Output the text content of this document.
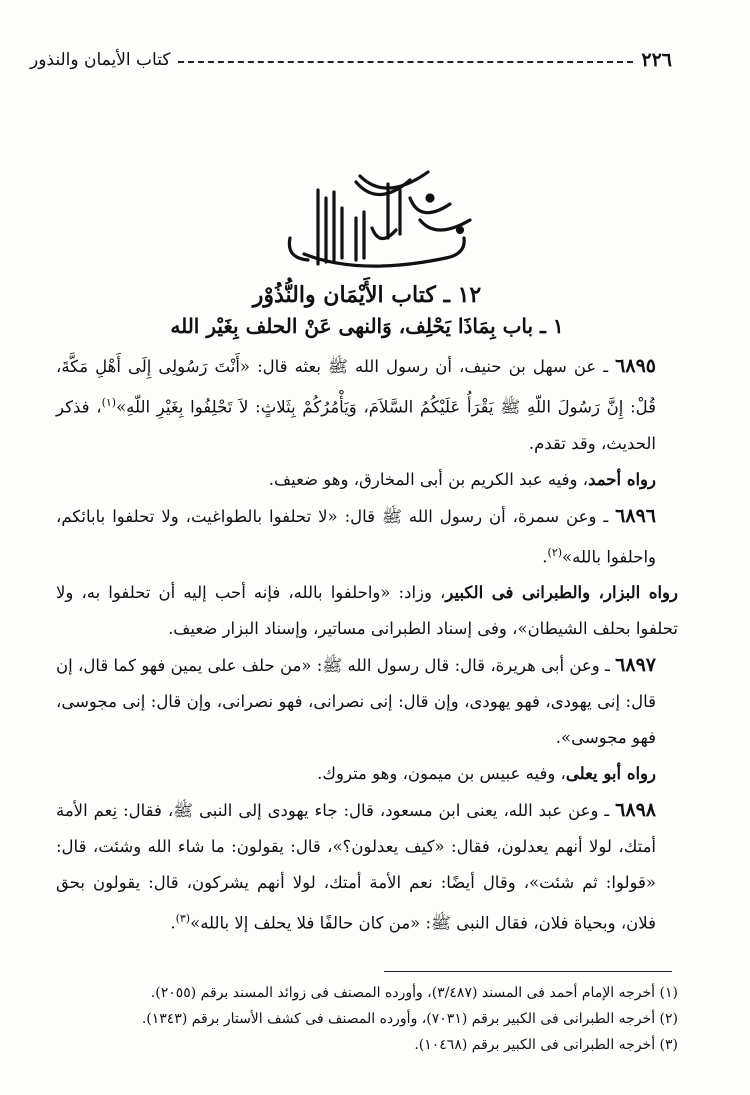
٢٢٦
كتاب الأيمان والنذور

١٢ ـ كتاب الأَيْمَان والنُّذُوْر

١ ـ باب بِمَاذَا يَحْلِف، وَالنهى عَنْ الحلف بِغَيْر الله

٦٨٩٥ ـ عن سهل بن حنيف، أن رسول الله ﷺ بعثه قال: «أَنْتَ رَسُولِى إِلَى أَهْلِ مَكَّةَ، قُلْ: إِنَّ رَسُولَ اللّهِ ﷺ يَقْرَأُ عَلَيْكُمُ السَّلاَمَ، وَيَأْمُرُكُمْ بِثَلاثٍ: لاَ تَحْلِفُوا بِغَيْرِ اللّهِ»$^{(١)}$، فذكر الحديث، وقد تقدم.

رواه أحمد، وفيه عبد الكريم بن أبى المخارق، وهو ضعيف.

٦٨٩٦ ـ وعن سمرة، أن رسول الله ﷺ قال: «لا تحلفوا بالطواغيت، ولا تحلفوا بابائكم، واحلفوا بالله»$^{(٢)}$.

رواه البزار، والطبرانى فى الكبير، وزاد: «واحلفوا بالله، فإنه أحب إليه أن تحلفوا به، ولا تحلفوا بحلف الشيطان»، وفى إسناد الطبرانى مساتير، وإسناد البزار ضعيف.

٦٨٩٧ ـ وعن أبى هريرة، قال: قال رسول الله ﷺ: «من حلف على يمين فهو كما قال، إن قال: إنى يهودى، فهو يهودى، وإن قال: إنى نصرانى، فهو نصرانى، وإن قال: إنى مجوسى، فهو مجوسى».

رواه أبو يعلى، وفيه عبيس بن ميمون، وهو متروك.

٦٨٩٨ ـ وعن عبد الله، يعنى ابن مسعود، قال: جاء يهودى إلى النبى ﷺ، فقال: نِعم الأمة أمتك، لولا أنهم يعدلون، فقال: «كيف يعدلون؟»، قال: يقولون: ما شاء الله وشئت، قال: «قولوا: ثم شئت»، وقال أيضًا: نعم الأمة أمتك، لولا أنهم يشركون، قال: يقولون بحق فلان، وبحياة فلان، فقال النبى ﷺ: «من كان حالفًا فلا يحلف إلا بالله»$^{(٣)}$.

(١) أخرجه الإمام أحمد فى المسند (٣/٤٨٧)، وأورده المصنف فى زوائد المسند برقم (٢٠٥٥).

(٢) أخرجه الطبرانى فى الكبير برقم (٧٠٣١)، وأورده المصنف فى كشف الأستار برقم (١٣٤٣).

(٣) أخرجه الطبرانى فى الكبير برقم (١٠٤٦٨).
